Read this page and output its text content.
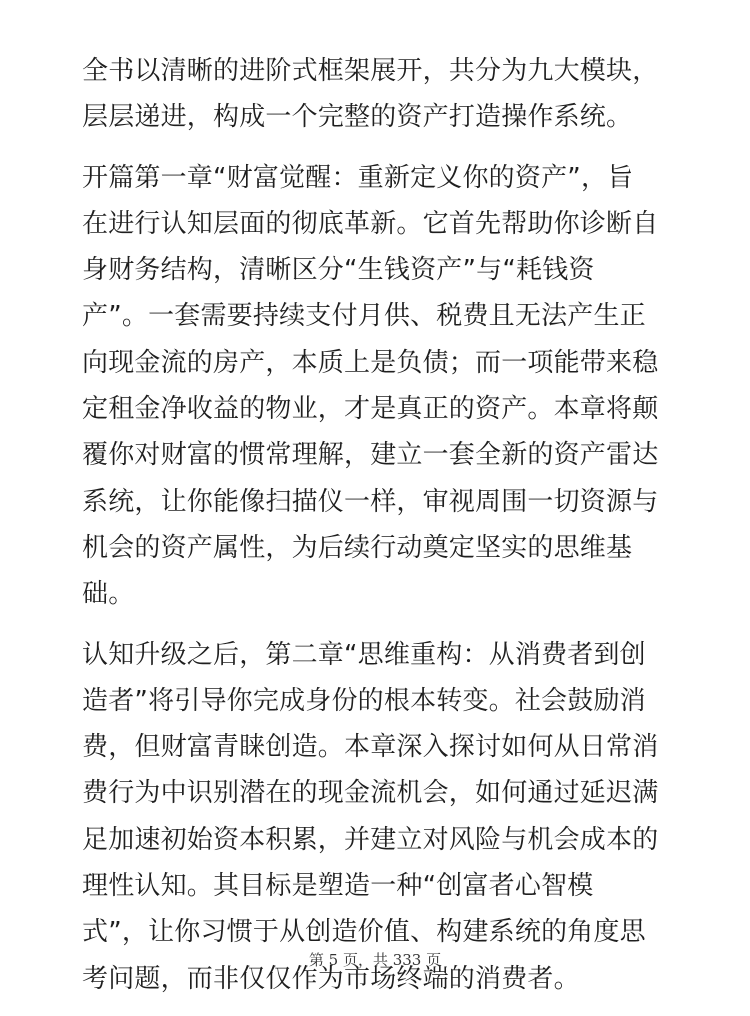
全书以清晰的进阶式框架展开，共分为九大模块，
层层递进，构成一个完整的资产打造操作系统。

开篇第一章“财富觉醒：重新定义你的资产”，旨
在进行认知层面的彻底革新。它首先帮助你诊断自
身财务结构，清晰区分“生钱资产”与“耗钱资
产”。一套需要持续支付月供、税费且无法产生正
向现金流的房产，本质上是负债；而一项能带来稳
定租金净收益的物业，才是真正的资产。本章将颠
覆你对财富的惯常理解，建立一套全新的资产雷达
系统，让你能像扫描仪一样，审视周围一切资源与
机会的资产属性，为后续行动奠定坚实的思维基
础。

认知升级之后，第二章“思维重构：从消费者到创
造者”将引导你完成身份的根本转变。社会鼓励消
费，但财富青睐创造。本章深入探讨如何从日常消
费行为中识别潜在的现金流机会，如何通过延迟满
足加速初始资本积累，并建立对风险与机会成本的
理性认知。其目标是塑造一种“创富者心智模
式”，让你习惯于从创造价值、构建系统的角度思
考问题，而非仅仅作为市场终端的消费者。

第 5 页，共 333 页
